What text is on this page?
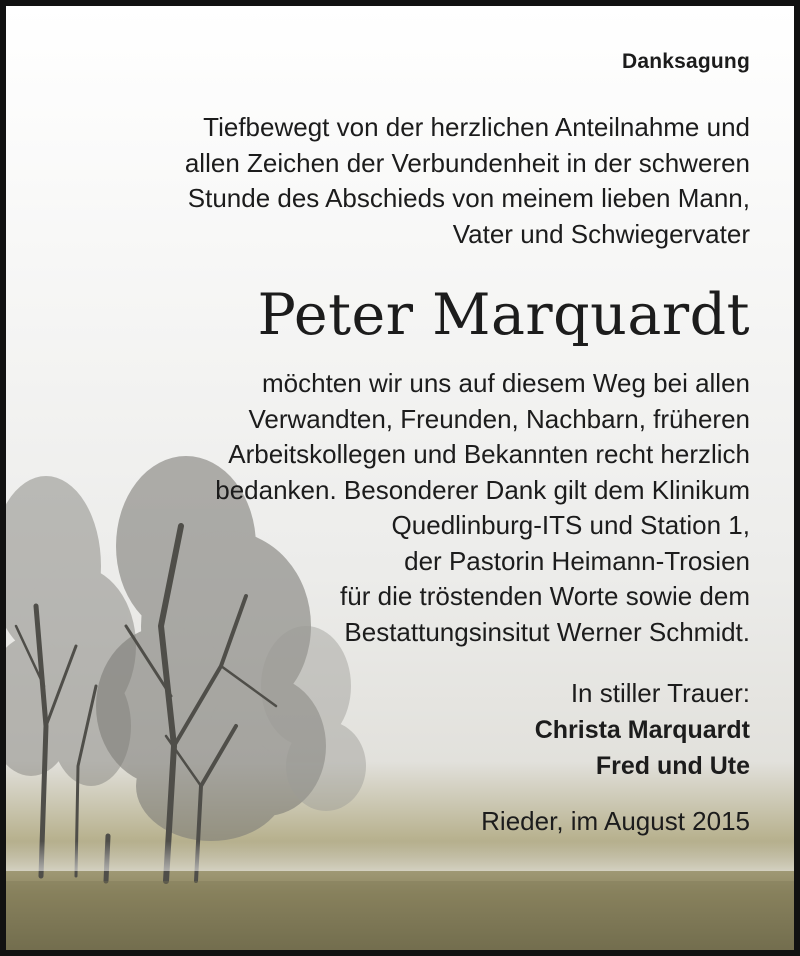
Danksagung
Tiefbewegt von der herzlichen Anteilnahme und
allen Zeichen der Verbundenheit in der schweren
Stunde des Abschieds von meinem lieben Mann,
Vater und Schwiegervater
Peter Marquardt
möchten wir uns auf diesem Weg bei allen
Verwandten, Freunden, Nachbarn, früheren
Arbeitskollegen und Bekannten recht herzlich
bedanken. Besonderer Dank gilt dem Klinikum
Quedlinburg-ITS und Station 1,
der Pastorin Heimann-Trosien
für die tröstenden Worte sowie dem
Bestattungsinsitut Werner Schmidt.
In stiller Trauer:
Christa Marquardt
Fred und Ute
Rieder, im August 2015
